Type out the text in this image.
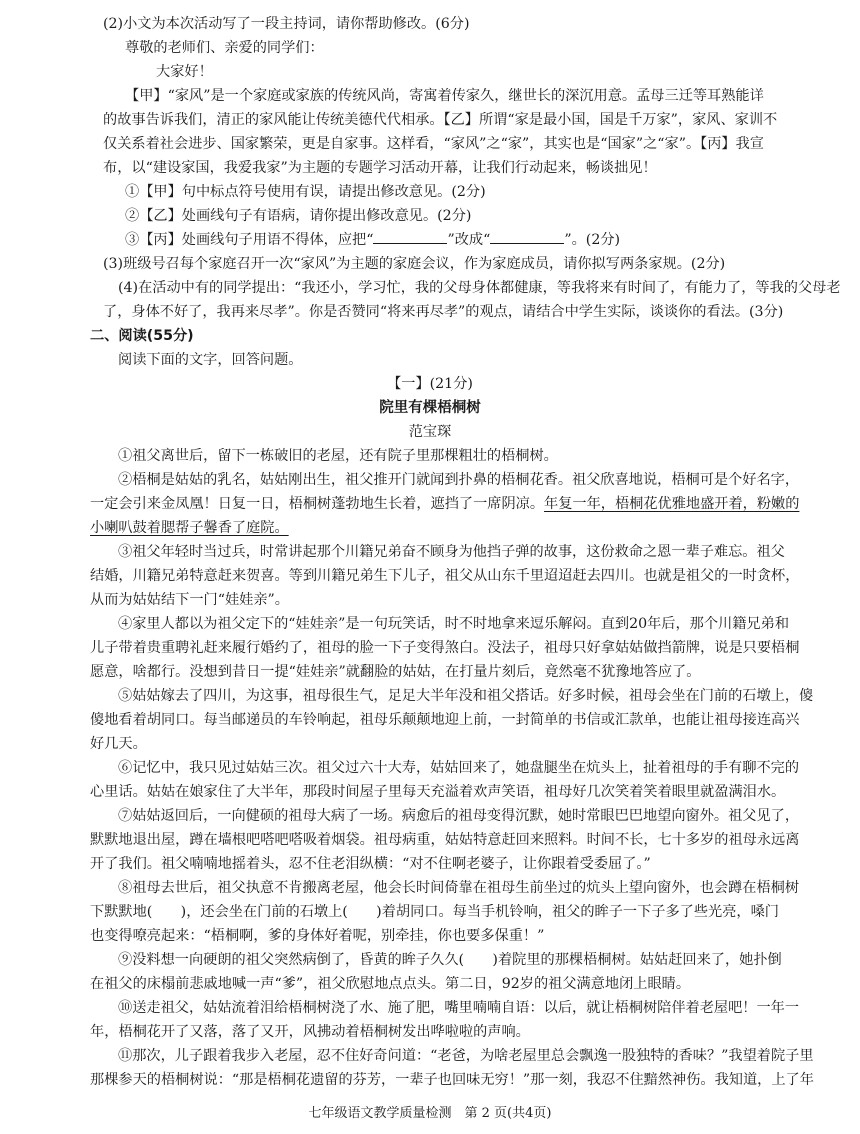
(2)小文为本次活动写了一段主持词，请你帮助修改。(6分)
尊敬的老师们、亲爱的同学们：
大家好！
【甲】“家风”是一个家庭或家族的传统风尚，寄寓着传家久，继世长的深沉用意。孟母三迁等耳熟能详
的故事告诉我们，清正的家风能让传统美德代代相承。【乙】所谓“家是最小国，国是千万家”，家风、家训不
仅关系着社会进步、国家繁荣，更是自家事。这样看，“家风”之“家”，其实也是“国家”之“家”。【丙】我宣
布，以“建设家国，我爱我家”为主题的专题学习活动开幕，让我们行动起来，畅谈拙见！
①【甲】句中标点符号使用有误，请提出修改意见。(2分)
②【乙】处画线句子有语病，请你提出修改意见。(2分)
③【丙】处画线句子用语不得体，应把“	”改成“	”。(2分)
(3)班级号召每个家庭召开一次“家风”为主题的家庭会议，作为家庭成员，请你拟写两条家规。(2分)
(4)在活动中有的同学提出：“我还小，学习忙，我的父母身体都健康，等我将来有时间了，有能力了，等我的父母老
了，身体不好了，我再来尽孝”。你是否赞同“将来再尽孝”的观点，请结合中学生实际，谈谈你的看法。(3分)
二、阅读(55分)
阅读下面的文字，回答问题。
【一】(21分)
院里有棵梧桐树
范宝琛
①祖父离世后，留下一栋破旧的老屋，还有院子里那棵粗壮的梧桐树。
②梧桐是姑姑的乳名，姑姑刚出生，祖父推开门就闻到扑鼻的梧桐花香。祖父欣喜地说，梧桐可是个好名字，
一定会引来金凤凰！日复一日，梧桐树蓬勃地生长着，遮挡了一席阴凉。年复一年，梧桐花优雅地盛开着，粉嫩的
小喇叭鼓着腮帮子馨香了庭院。
③祖父年轻时当过兵，时常讲起那个川籍兄弟奋不顾身为他挡子弹的故事，这份救命之恩一辈子难忘。祖父
结婚，川籍兄弟特意赶来贺喜。等到川籍兄弟生下儿子，祖父从山东千里迢迢赶去四川。也就是祖父的一时贪杯，
从而为姑姑结下一门“娃娃亲”。
④家里人都以为祖父定下的“娃娃亲”是一句玩笑话，时不时地拿来逗乐解闷。直到20年后，那个川籍兄弟和
儿子带着贵重聘礼赶来履行婚约了，祖母的脸一下子变得煞白。没法子，祖母只好拿姑姑做挡箭牌，说是只要梧桐
愿意，啥都行。没想到昔日一提“娃娃亲”就翻脸的姑姑，在打量片刻后，竟然毫不犹豫地答应了。
⑤姑姑嫁去了四川，为这事，祖母很生气，足足大半年没和祖父搭话。好多时候，祖母会坐在门前的石墩上，傻
傻地看着胡同口。每当邮递员的车铃响起，祖母乐颠颠地迎上前，一封简单的书信或汇款单，也能让祖母接连高兴
好几天。
⑥记忆中，我只见过姑姑三次。祖父过六十大寿，姑姑回来了，她盘腿坐在炕头上，扯着祖母的手有聊不完的
心里话。姑姑在娘家住了大半年，那段时间屋子里每天充溢着欢声笑语，祖母好几次笑着笑着眼里就盈满泪水。
⑦姑姑返回后，一向健硕的祖母大病了一场。病愈后的祖母变得沉默，她时常眼巴巴地望向窗外。祖父见了，
默默地退出屋，蹲在墙根吧嗒吧嗒吸着烟袋。祖母病重，姑姑特意赶回来照料。时间不长，七十多岁的祖母永远离
开了我们。祖父喃喃地摇着头，忍不住老泪纵横：“对不住啊老婆子，让你跟着受委屈了。”
⑧祖母去世后，祖父执意不肯搬离老屋，他会长时间倚靠在祖母生前坐过的炕头上望向窗外，也会蹲在梧桐树
下默默地(　　)，还会坐在门前的石墩上(　　)着胡同口。每当手机铃响，祖父的眸子一下子多了些光亮，嗓门
也变得嘹亮起来：“梧桐啊，爹的身体好着呢，别牵挂，你也要多保重！”
⑨没料想一向硬朗的祖父突然病倒了，昏黄的眸子久久(　　)着院里的那棵梧桐树。姑姑赶回来了，她扑倒
在祖父的床榻前悲戚地喊一声“爹”，祖父欣慰地点点头。第二日，92岁的祖父满意地闭上眼睛。
⑩送走祖父，姑姑流着泪给梧桐树浇了水、施了肥，嘴里喃喃自语：以后，就让梧桐树陪伴着老屋吧！一年一
年，梧桐花开了又落，落了又开，风拂动着梧桐树发出哗啦啦的声响。
⑪那次，儿子跟着我步入老屋，忍不住好奇问道：“老爸，为啥老屋里总会飘逸一股独特的香味？”我望着院子里
那棵参天的梧桐树说：“那是梧桐花遗留的芬芳，一辈子也回味无穷！”那一刻，我忍不住黯然神伤。我知道，上了年
七年级语文教学质量检测　第 2 页(共4页)
